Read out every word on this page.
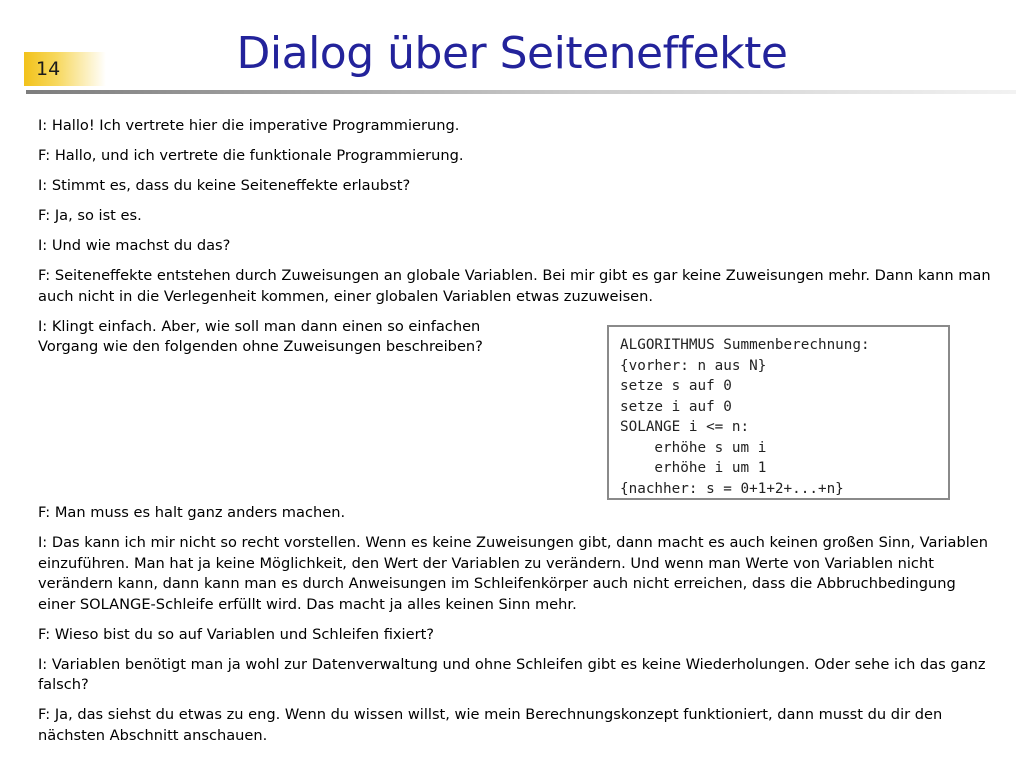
14	Dialog über Seiteneffekte
I: Hallo! Ich vertrete hier die imperative Programmierung.
F: Hallo, und ich vertrete die funktionale Programmierung.
I: Stimmt es, dass du keine Seiteneffekte erlaubst?
F: Ja, so ist es.
I: Und wie machst du das?
F: Seiteneffekte entstehen durch Zuweisungen an globale Variablen. Bei mir gibt es gar keine Zuweisungen mehr. Dann kann man auch nicht in die Verlegenheit kommen, einer globalen Variablen etwas zuzuweisen.
I: Klingt einfach. Aber, wie soll man dann einen so einfachen Vorgang wie den folgenden ohne Zuweisungen beschreiben?
F: Man muss es halt ganz anders machen.
I: Das kann ich mir nicht so recht vorstellen. Wenn es keine Zuweisungen gibt, dann macht es auch keinen großen Sinn, Variablen einzuführen. Man hat ja keine Möglichkeit, den Wert der Variablen zu verändern. Und wenn man Werte von Variablen nicht verändern kann, dann kann man es durch Anweisungen im Schleifenkörper auch nicht erreichen, dass die Abbruchbedingung einer SOLANGE-Schleife erfüllt wird. Das macht ja alles keinen Sinn mehr.
F: Wieso bist du so auf Variablen und Schleifen fixiert?
I: Variablen benötigt man ja wohl zur Datenverwaltung und ohne Schleifen gibt es keine Wiederholungen. Oder sehe ich das ganz falsch?
F: Ja, das siehst du etwas zu eng. Wenn du wissen willst, wie mein Berechnungskonzept funktioniert, dann musst du dir den nächsten Abschnitt anschauen.
ALGORITHMUS Summenberechnung:
{vorher: n aus N}
setze s auf 0
setze i auf 0
SOLANGE i <= n:
erhöhe s um i
erhöhe i um 1
{nachher: s = 0+1+2+...+n}
